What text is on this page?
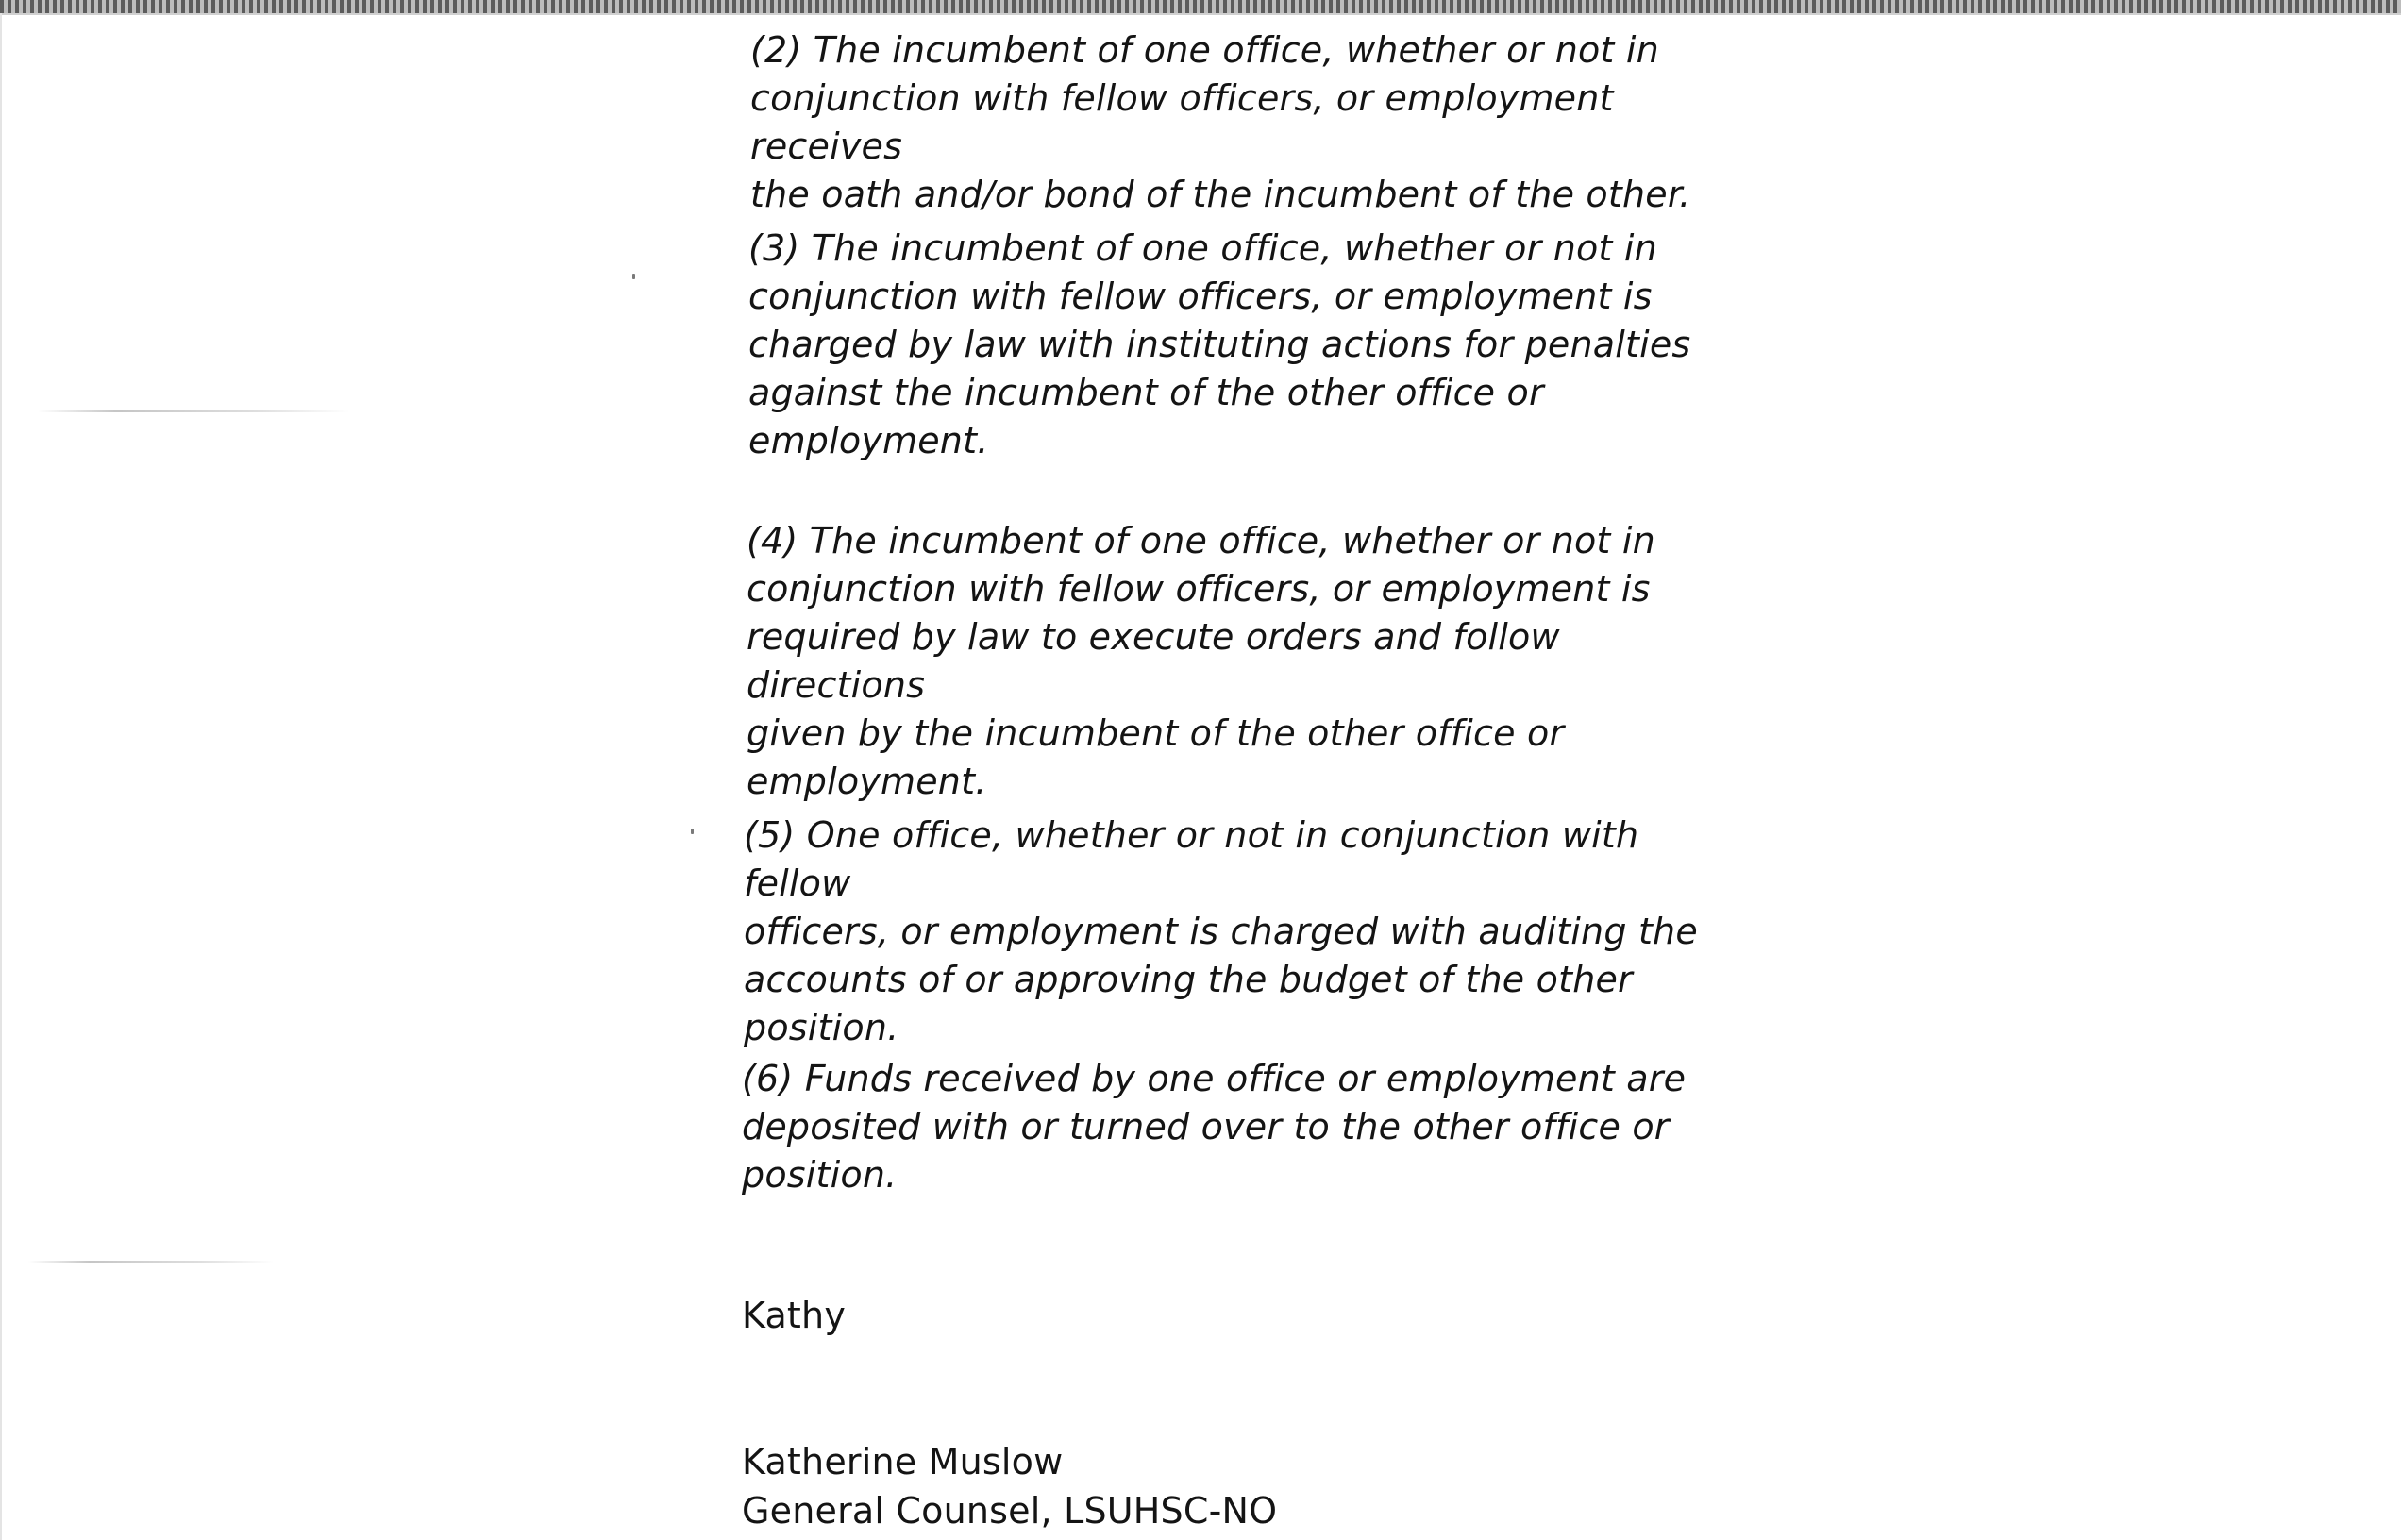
(2) The incumbent of one office, whether or not in
conjunction with fellow officers, or employment receives
the oath and/or bond of the incumbent of the other.

(3) The incumbent of one office, whether or not in
conjunction with fellow officers, or employment is
charged by law with instituting actions for penalties
against the incumbent of the other office or
employment.

(4) The incumbent of one office, whether or not in
conjunction with fellow officers, or employment is
required by law to execute orders and follow directions
given by the incumbent of the other office or
employment.

(5) One office, whether or not in conjunction with fellow
officers, or employment is charged with auditing the
accounts of or approving the budget of the other
position.

(6) Funds received by one office or employment are
deposited with or turned over to the other office or
position.

Kathy

Katherine Muslow

General Counsel, LSUHSC-NO
